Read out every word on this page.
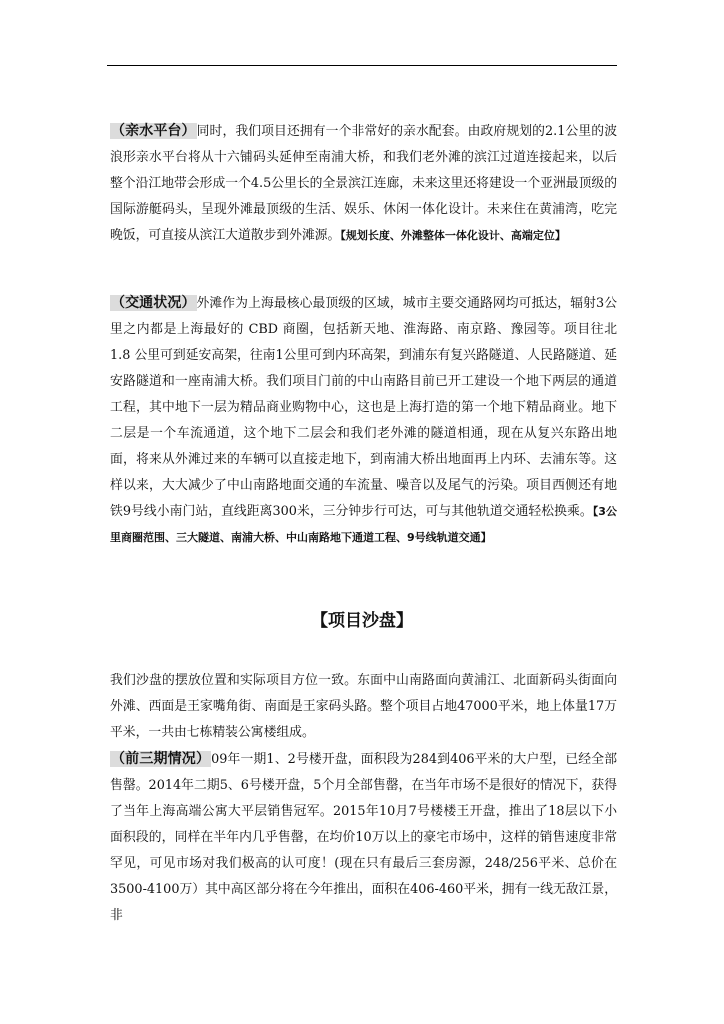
（亲水平台）同时，我们项目还拥有一个非常好的亲水配套。由政府规划的2.1公里的波浪形亲水平台将从十六铺码头延伸至南浦大桥，和我们老外滩的滨江过道连接起来，以后整个沿江地带会形成一个4.5公里长的全景滨江连廊，未来这里还将建设一个亚洲最顶级的国际游艇码头，呈现外滩最顶级的生活、娱乐、休闲一体化设计。未来住在黄浦湾，吃完晚饭，可直接从滨江大道散步到外滩源。【规划长度、外滩整体一体化设计、高端定位】

（交通状况）外滩作为上海最核心最顶级的区域，城市主要交通路网均可抵达，辐射3公里之内都是上海最好的 CBD 商圈，包括新天地、淮海路、南京路、豫园等。项目往北 1.8 公里可到延安高架，往南1公里可到内环高架，到浦东有复兴路隧道、人民路隧道、延安路隧道和一座南浦大桥。我们项目门前的中山南路目前已开工建设一个地下两层的通道工程，其中地下一层为精品商业购物中心，这也是上海打造的第一个地下精品商业。地下二层是一个车流通道，这个地下二层会和我们老外滩的隧道相通，现在从复兴东路出地面，将来从外滩过来的车辆可以直接走地下，到南浦大桥出地面再上内环、去浦东等。这样以来，大大减少了中山南路地面交通的车流量、噪音以及尾气的污染。项目西侧还有地铁9号线小南门站，直线距离300米，三分钟步行可达，可与其他轨道交通轻松换乘。【3公里商圈范围、三大隧道、南浦大桥、中山南路地下通道工程、9号线轨道交通】

【项目沙盘】

我们沙盘的摆放位置和实际项目方位一致。东面中山南路面向黄浦江、北面新码头街面向外滩、西面是王家嘴角街、南面是王家码头路。整个项目占地47000平米，地上体量17万平米，一共由七栋精装公寓楼组成。

（前三期情况）09年一期1、2号楼开盘，面积段为284到406平米的大户型，已经全部售罄。2014年二期5、6号楼开盘，5个月全部售罄，在当年市场不是很好的情况下，获得了当年上海高端公寓大平层销售冠军。2015年10月7号楼楼王开盘，推出了18层以下小面积段的，同样在半年内几乎售罄，在均价10万以上的豪宅市场中，这样的销售速度非常罕见，可见市场对我们极高的认可度！(现在只有最后三套房源，248/256平米、总价在3500-4100万）其中高区部分将在今年推出，面积在406-460平米，拥有一线无敌江景，非
